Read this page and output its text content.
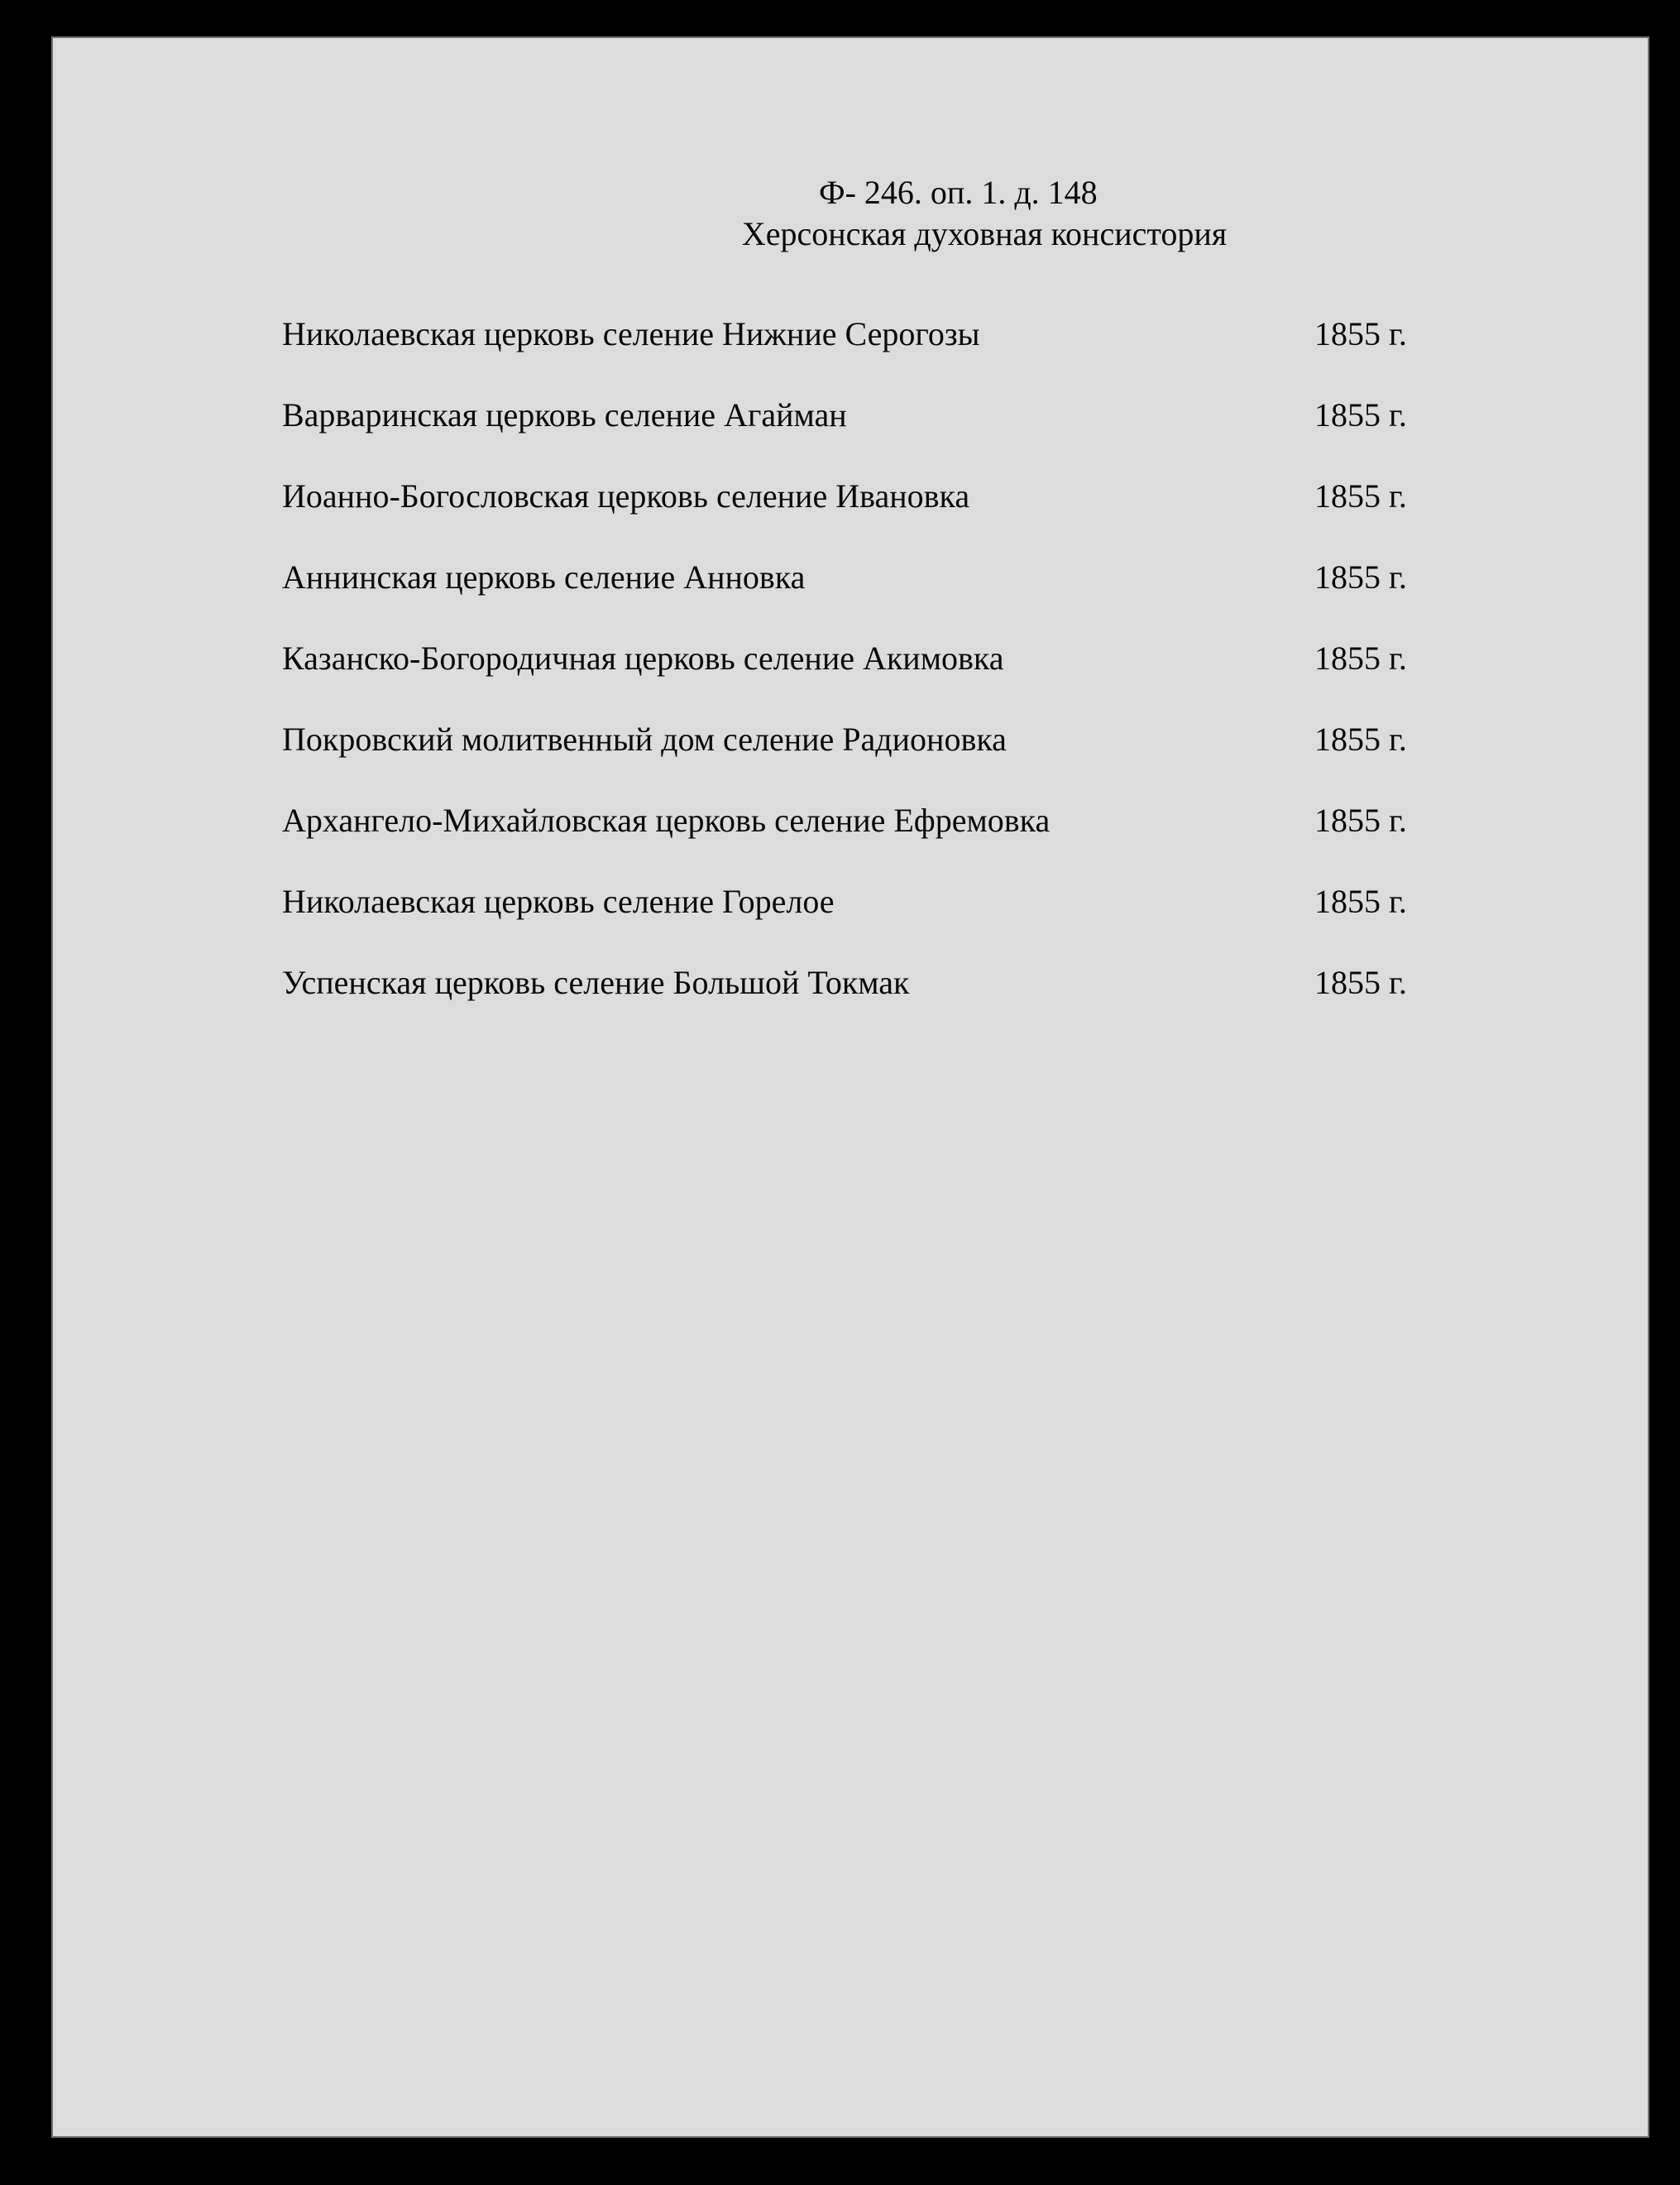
Ф- 246. оп. 1. д. 148
Херсонская духовная консистория
Николаевская церковь селение Нижние Серогозы	1855 г.
Варваринская церковь селение Агайман	1855 г.
Иоанно-Богословская церковь селение Ивановка	1855 г.
Аннинская церковь селение Анновка	1855 г.
Казанско-Богородичная церковь селение Акимовка	1855 г.
Покровский молитвенный дом селение Радионовка	1855 г.
Архангело-Михайловская церковь селение Ефремовка	1855 г.
Николаевская церковь селение Горелое	1855 г.
Успенская церковь селение Большой Токмак	1855 г.
